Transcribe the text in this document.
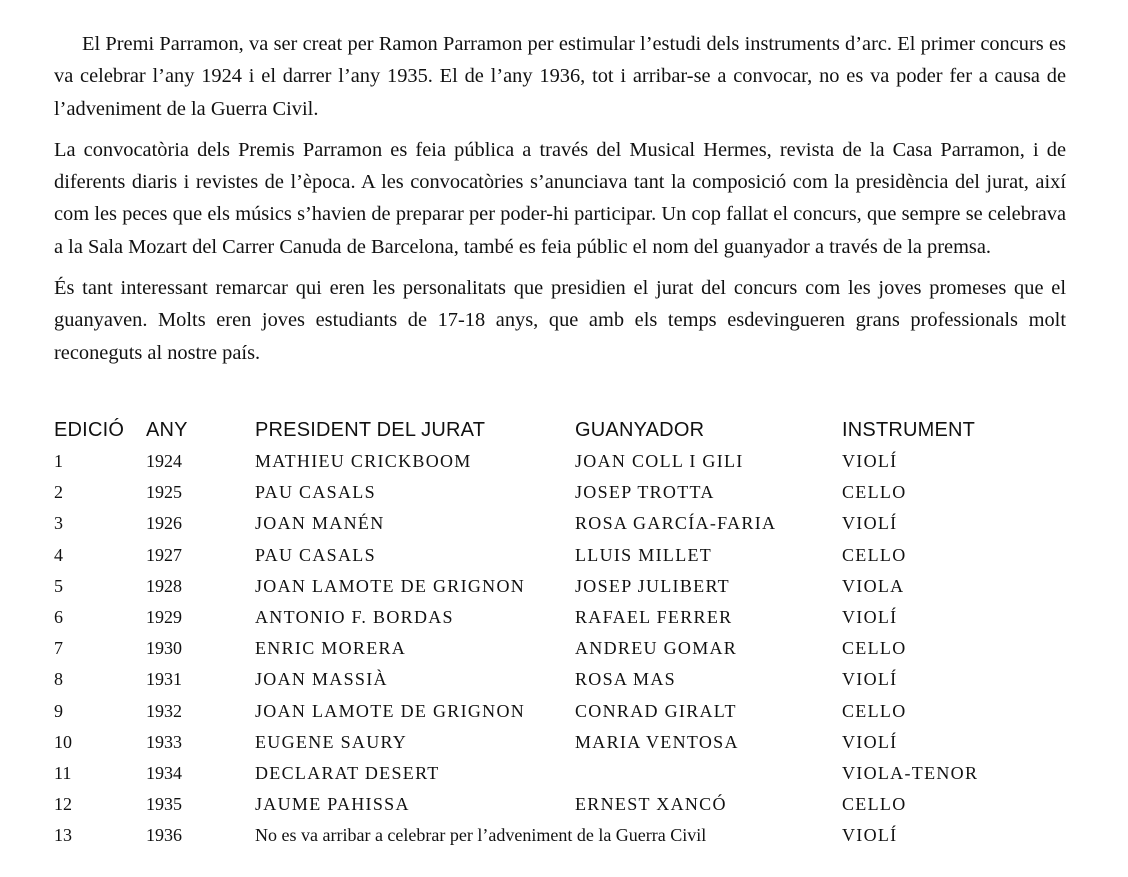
El Premi Parramon, va ser creat per Ramon Parramon per estimular l’estudi dels instruments d’arc. El primer concurs es va celebrar l’any 1924 i el darrer l’any 1935. El de l’any 1936, tot i arribar-se a convocar, no es va poder fer a causa de l’adveniment de la Guerra Civil.

La convocatòria dels Premis Parramon es feia pública a través del Musical Hermes, revista de la Casa Parramon, i de diferents diaris i revistes de l’època. A les convocatòries s’anunciava tant la composició com la presidència del jurat, així com les peces que els músics s’havien de preparar per poder-hi participar. Un cop fallat el concurs, que sempre se celebrava a la Sala Mozart del Carrer Canuda de Barcelona, també es feia públic el nom del guanyador a través de la premsa.

És tant interessant remarcar qui eren les personalitats que presidien el jurat del concurs com les joves promeses que el guanyaven. Molts eren joves estudiants de 17-18 anys, que amb els temps esdevingueren grans professionals molt reconeguts al nostre país.

EDICIÓ	ANY	PRESIDENT DEL JURAT	GUANYADOR	INSTRUMENT
1	1924	MATHIEU CRICKBOOM	JOAN COLL I GILI	VIOLÍ
2	1925	PAU CASALS	JOSEP TROTTA	CELLO
3	1926	JOAN MANÉN	ROSA GARCÍA-FARIA	VIOLÍ
4	1927	PAU CASALS	LLUIS MILLET	CELLO
5	1928	JOAN LAMOTE DE GRIGNON	JOSEP JULIBERT	VIOLA
6	1929	ANTONIO F. BORDAS	RAFAEL FERRER	VIOLÍ
7	1930	ENRIC MORERA	ANDREU GOMAR	CELLO
8	1931	JOAN MASSIÀ	ROSA MAS	VIOLÍ
9	1932	JOAN LAMOTE DE GRIGNON	CONRAD GIRALT	CELLO
10	1933	EUGENE SAURY	MARIA VENTOSA	VIOLÍ
11	1934	DECLARAT DESERT		VIOLA-TENOR
12	1935	JAUME PAHISSA	ERNEST XANCÓ	CELLO
13	1936	No es va arribar a celebrar per l’adveniment de la Guerra Civil		VIOLÍ
